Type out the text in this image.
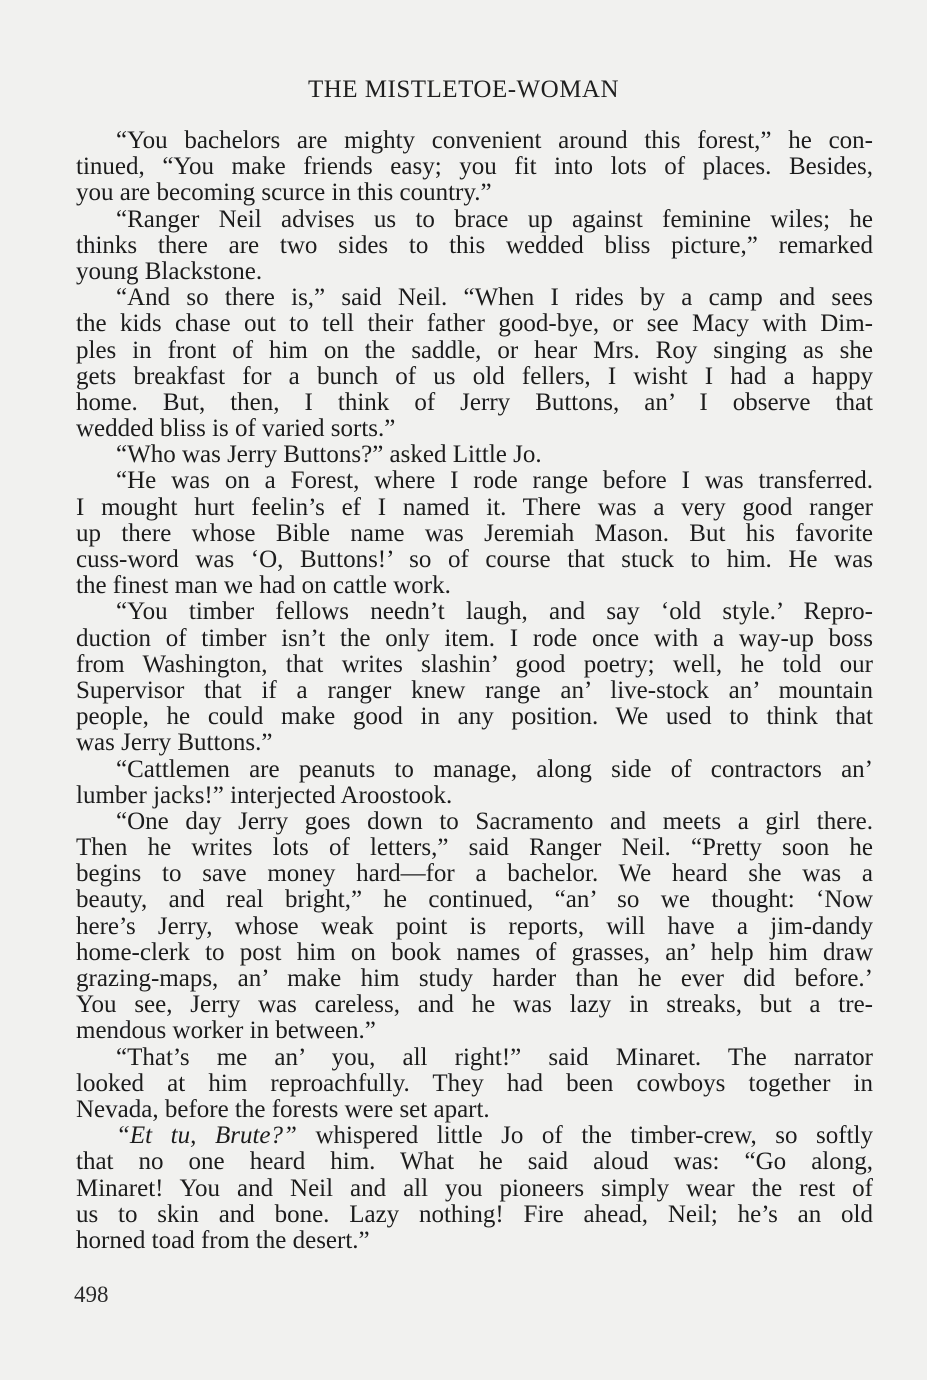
THE MISTLETOE-WOMAN
“You bachelors are mighty convenient around this forest,” he con-
tinued, “You make friends easy; you fit into lots of places. Besides,
you are becoming scurce in this country.”
“Ranger Neil advises us to brace up against feminine wiles; he
thinks there are two sides to this wedded bliss picture,” remarked
young Blackstone.
“And so there is,” said Neil. “When I rides by a camp and sees
the kids chase out to tell their father good-bye, or see Macy with Dim-
ples in front of him on the saddle, or hear Mrs. Roy singing as she
gets breakfast for a bunch of us old fellers, I wisht I had a happy
home. But, then, I think of Jerry Buttons, an’ I observe that
wedded bliss is of varied sorts.”
“Who was Jerry Buttons?” asked Little Jo.
“He was on a Forest, where I rode range before I was transferred.
I mought hurt feelin’s ef I named it. There was a very good ranger
up there whose Bible name was Jeremiah Mason. But his favorite
cuss-word was ‘O, Buttons!’ so of course that stuck to him. He was
the finest man we had on cattle work.
“You timber fellows needn’t laugh, and say ‘old style.’ Repro-
duction of timber isn’t the only item. I rode once with a way-up boss
from Washington, that writes slashin’ good poetry; well, he told our
Supervisor that if a ranger knew range an’ live-stock an’ mountain
people, he could make good in any position. We used to think that
was Jerry Buttons.”
“Cattlemen are peanuts to manage, along side of contractors an’
lumber jacks!” interjected Aroostook.
“One day Jerry goes down to Sacramento and meets a girl there.
Then he writes lots of letters,” said Ranger Neil. “Pretty soon he
begins to save money hard—for a bachelor. We heard she was a
beauty, and real bright,” he continued, “an’ so we thought: ‘Now
here’s Jerry, whose weak point is reports, will have a jim-dandy
home-clerk to post him on book names of grasses, an’ help him draw
grazing-maps, an’ make him study harder than he ever did before.’
You see, Jerry was careless, and he was lazy in streaks, but a tre-
mendous worker in between.”
“That’s me an’ you, all right!” said Minaret. The narrator
looked at him reproachfully. They had been cowboys together in
Nevada, before the forests were set apart.
“Et tu, Brute?” whispered little Jo of the timber-crew, so softly
that no one heard him. What he said aloud was: “Go along,
Minaret! You and Neil and all you pioneers simply wear the rest of
us to skin and bone. Lazy nothing! Fire ahead, Neil; he’s an old
horned toad from the desert.”
498
